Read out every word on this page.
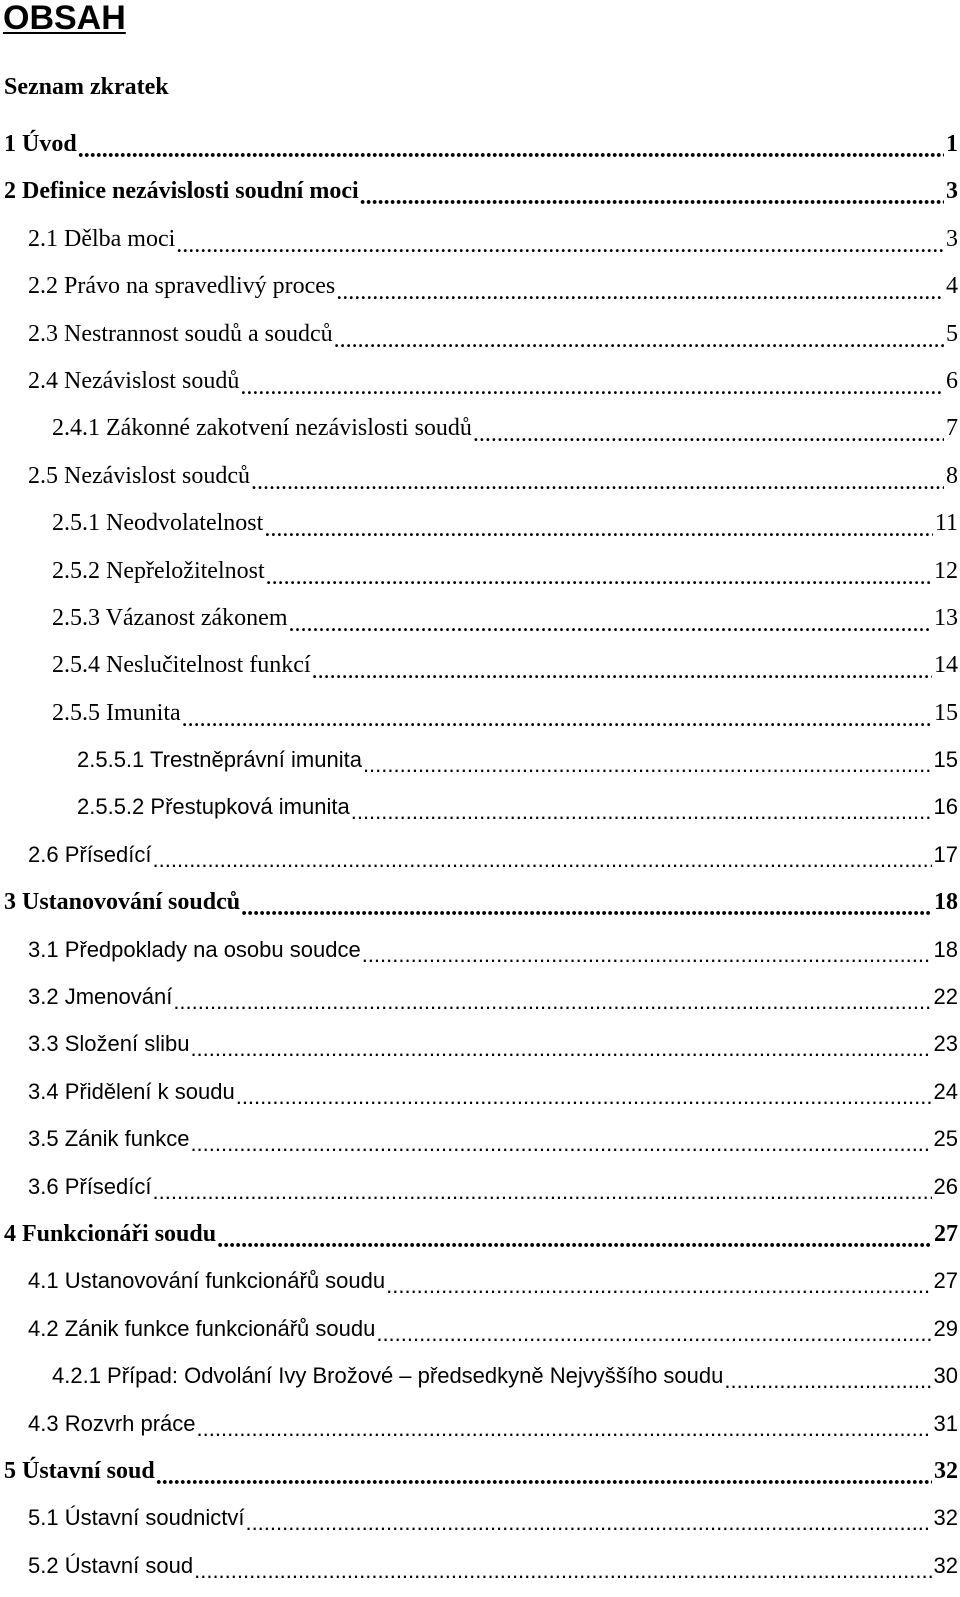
OBSAH
Seznam zkratek
1 Úvod .....	1
2 Definice nezávislosti soudní moci .....	3
2.1 Dělba moci .....	3
2.2 Právo na spravedlivý proces .....	4
2.3 Nestrannost soudů a soudců .....	5
2.4 Nezávislost soudů .....	6
2.4.1 Zákonné zakotvení nezávislosti soudů .....	7
2.5 Nezávislost soudců .....	8
2.5.1 Neodvolatelnost .....	11
2.5.2 Nepřeložitelnost .....	12
2.5.3 Vázanost zákonem .....	13
2.5.4 Neslučitelnost funkcí .....	14
2.5.5 Imunita .....	15
2.5.5.1 Trestněprávní imunita .....	15
2.5.5.2 Přestupková imunita .....	16
2.6 Přísedící .....	17
3 Ustanovování soudců .....	18
3.1 Předpoklady na osobu soudce .....	18
3.2 Jmenování .....	22
3.3 Složení slibu .....	23
3.4 Přidělení k soudu .....	24
3.5 Zánik funkce .....	25
3.6 Přísedící .....	26
4 Funkcionáři soudu .....	27
4.1 Ustanovování funkcionářů soudu .....	27
4.2 Zánik funkce funkcionářů soudu .....	29
4.2.1 Případ: Odvolání Ivy Brožové – předsedkyně Nejvyššího soudu .....	30
4.3 Rozvrh práce .....	31
5 Ústavní soud .....	32
5.1 Ústavní soudnictví .....	32
5.2 Ústavní soud .....	32
